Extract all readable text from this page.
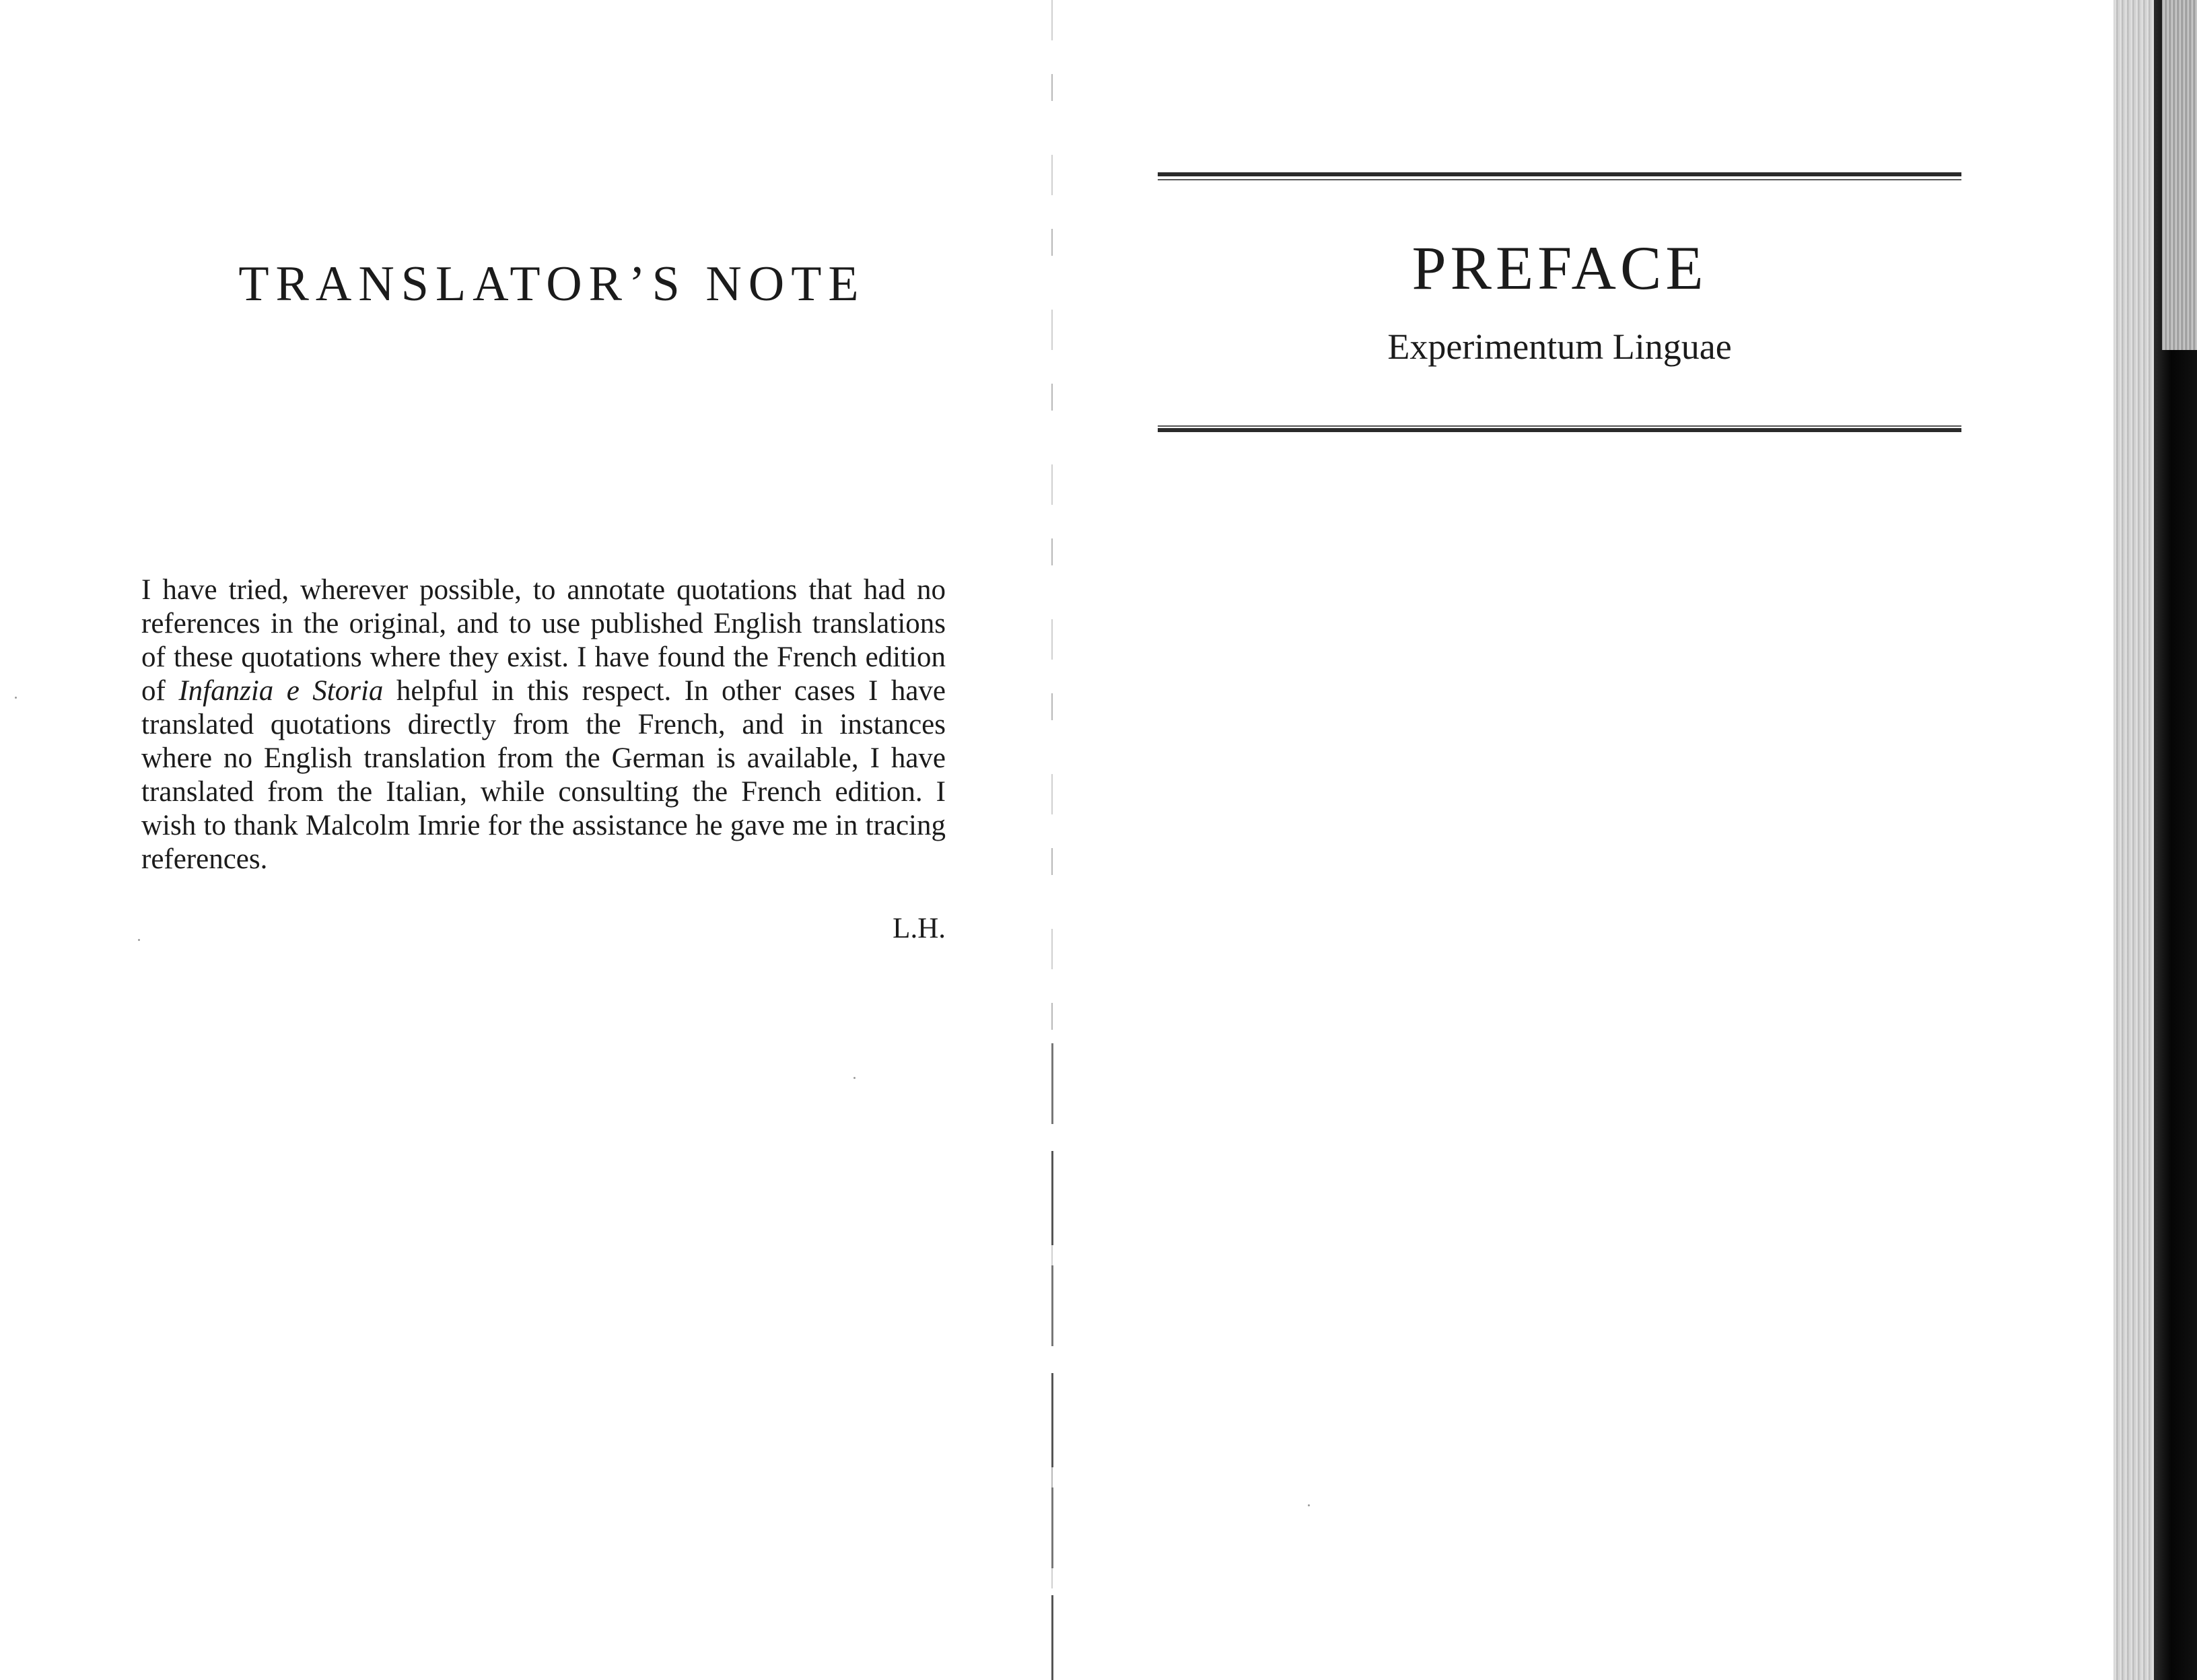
TRANSLATOR’S NOTE

I have tried, wherever possible, to annotate quotations that had no references in the original, and to use published English translations of these quotations where they exist. I have found the French edition of Infanzia e Storia helpful in this respect. In other cases I have translated quotations directly from the French, and in instances where no English translation from the German is available, I have translated from the Italian, while consulting the French edition. I wish to thank Malcolm Imrie for the assistance he gave me in tracing references.

L.H.
PREFACE
Experimentum Linguae
